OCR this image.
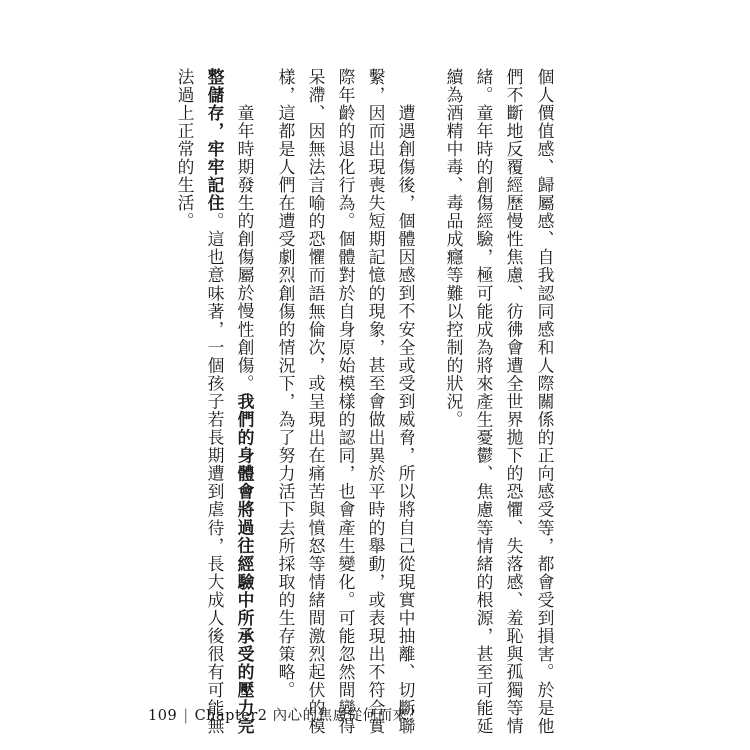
個人價值感、歸屬感、自我認同感和人際關係的正向感受等，都會受到損害。於是他
們不斷地反覆經歷慢性焦慮、彷彿會遭全世界拋下的恐懼、失落感、羞恥與孤獨等情
緒。童年時的創傷經驗，極可能成為將來產生憂鬱、焦慮等情緒的根源，甚至可能延
續為酒精中毒、毒品成癮等難以控制的狀況。
遭遇創傷後，個體因感到不安全或受到威脅，所以將自己從現實中抽離、切斷聯
繫，因而出現喪失短期記憶的現象，甚至會做出異於平時的舉動，或表現出不符合實
際年齡的退化行為。個體對於自身原始模樣的認同，也會產生變化。可能忽然間變得
呆滯、因無法言喻的恐懼而語無倫次，或呈現出在痛苦與憤怒等情緒間激烈起伏的模
樣，這都是人們在遭受劇烈創傷的情況下，為了努力活下去所採取的生存策略。
童年時期發生的創傷屬於慢性創傷。我們的身體會將過往經驗中所承受的壓力完
整儲存，牢牢記住。這也意味著，一個孩子若長期遭到虐待，長大成人後很有可能無
法過上正常的生活。
109 | Chapter2 內心的焦慮從何而來？
